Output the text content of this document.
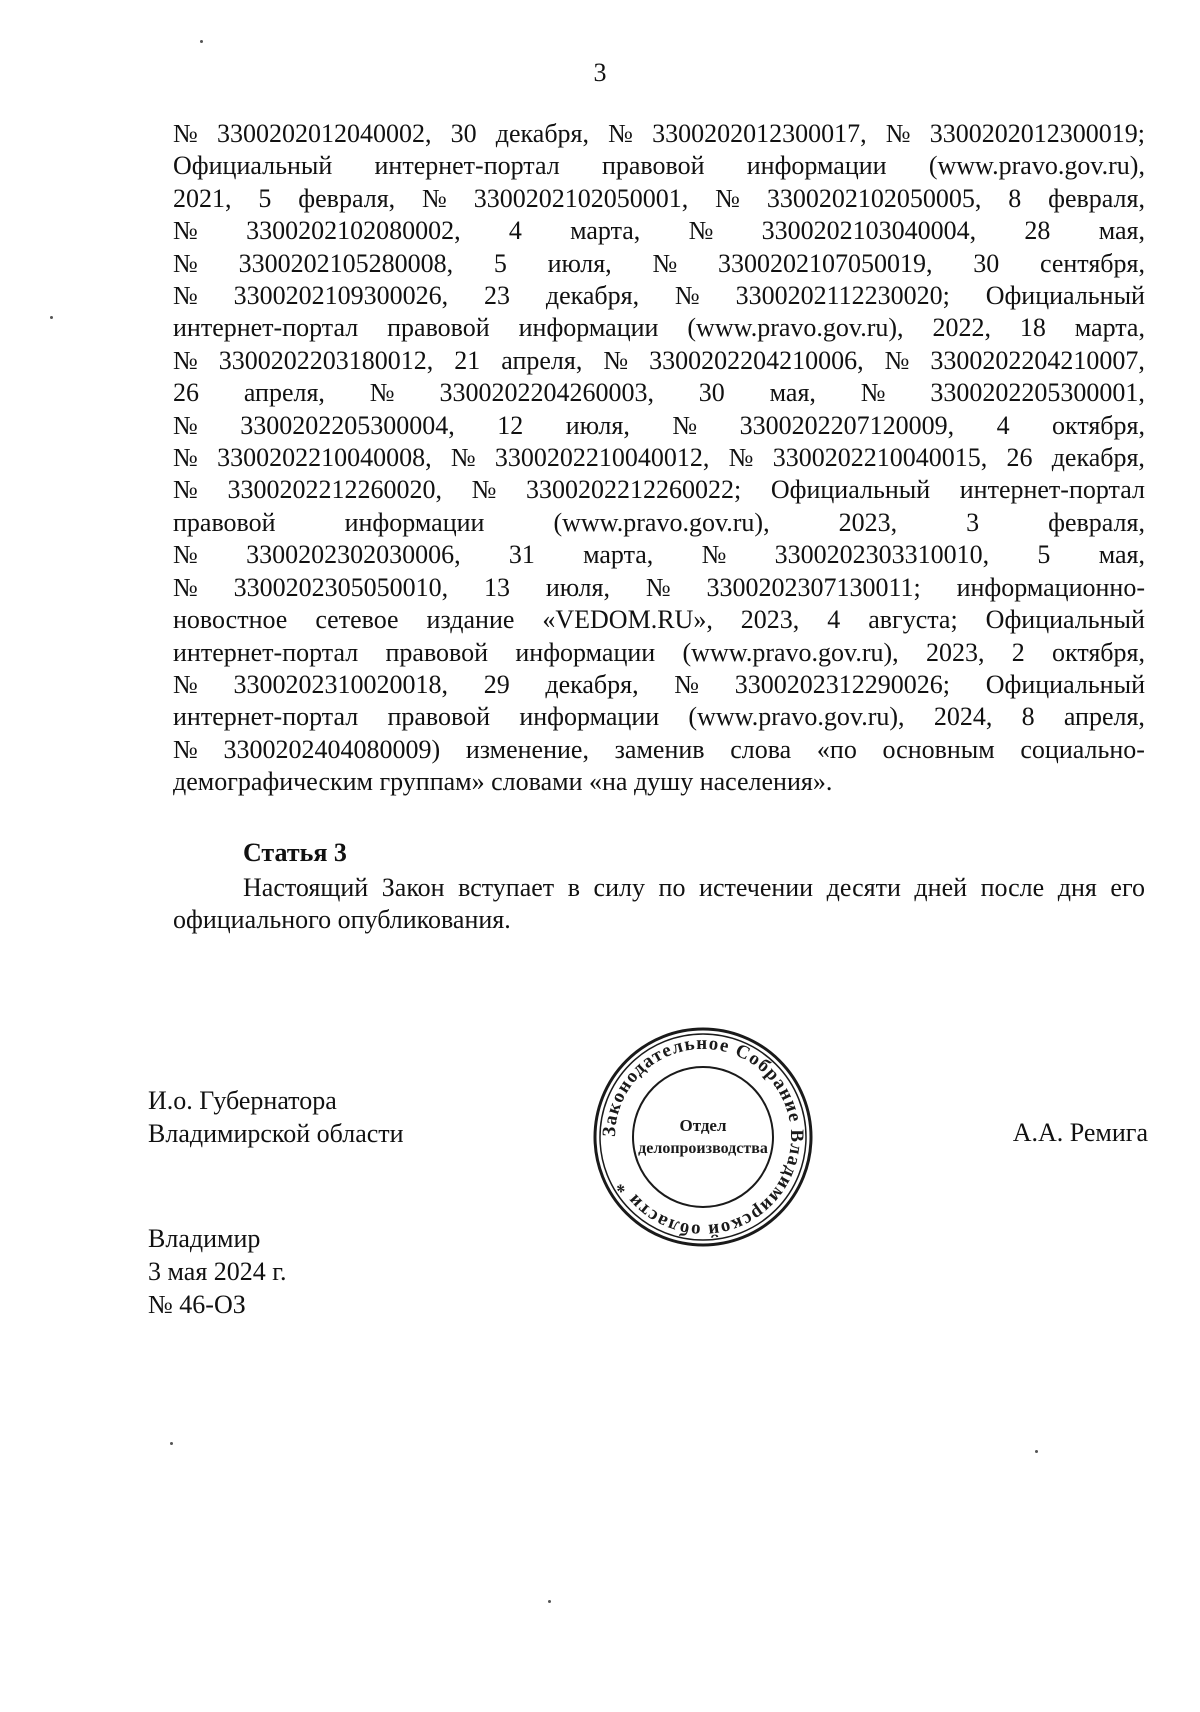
3
№ 3300202012040002, 30 декабря, № 3300202012300017, № 3300202012300019;
Официальный интернет-портал правовой информации (www.pravo.gov.ru),
2021, 5 февраля, № 3300202102050001, № 3300202102050005, 8 февраля,
№ 3300202102080002, 4 марта, № 3300202103040004, 28 мая,
№ 3300202105280008, 5 июля, № 3300202107050019, 30 сентября,
№ 3300202109300026, 23 декабря, № 3300202112230020; Официальный
интернет-портал правовой информации (www.pravo.gov.ru), 2022, 18 марта,
№ 3300202203180012, 21 апреля, № 3300202204210006, № 3300202204210007,
26 апреля, № 3300202204260003, 30 мая, № 3300202205300001,
№ 3300202205300004, 12 июля, № 3300202207120009, 4 октября,
№ 3300202210040008, № 3300202210040012, № 3300202210040015, 26 декабря,
№ 3300202212260020, № 3300202212260022; Официальный интернет-портал
правовой	информации	(www.pravo.gov.ru),	2023,	3	февраля,
№ 3300202302030006, 31 марта, № 3300202303310010, 5 мая,
№ 3300202305050010, 13 июля, № 3300202307130011; информационно-
новостное сетевое издание «VEDOM.RU», 2023, 4 августа; Официальный
интернет-портал правовой информации (www.pravo.gov.ru), 2023, 2 октября,
№ 3300202310020018, 29 декабря, № 3300202312290026; Официальный
интернет-портал правовой информации (www.pravo.gov.ru), 2024, 8 апреля,
№ 3300202404080009) изменение, заменив слова «по основным социально-
демографическим группам» словами «на душу населения».
Статья 3

Настоящий Закон вступает в силу по истечении десяти дней после дня его официального опубликования.

И.о. Губернатора
Владимирской области	А.А. Ремига
Владимир
3 мая 2024 г.
№ 46-ОЗ
Законодательное Собрание Владимирской области *
Отдел
делопроизводства
